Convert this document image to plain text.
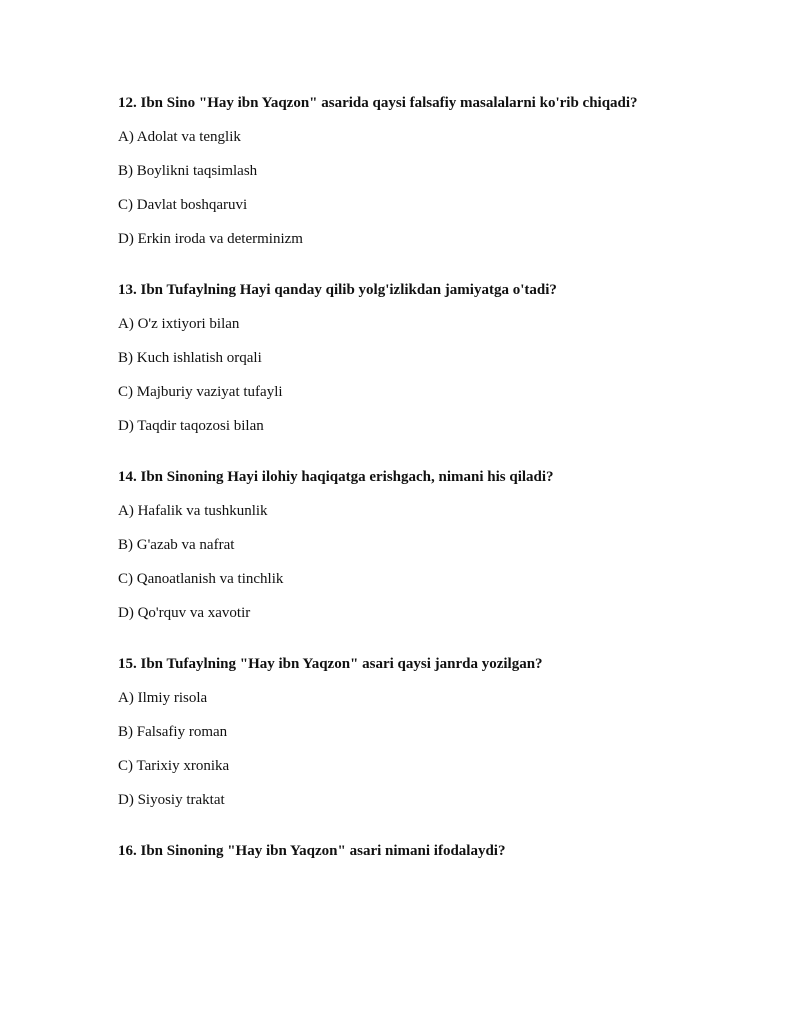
12. Ibn Sino "Hay ibn Yaqzon" asarida qaysi falsafiy masalalarni ko'rib chiqadi?

A) Adolat va tenglik

B) Boylikni taqsimlash

C) Davlat boshqaruvi

D) Erkin iroda va determinizm

13. Ibn Tufaylning Hayi qanday qilib yolg'izlikdan jamiyatga o'tadi?

A) O'z ixtiyori bilan

B) Kuch ishlatish orqali

C) Majburiy vaziyat tufayli

D) Taqdir taqozosi bilan

14. Ibn Sinoning Hayi ilohiy haqiqatga erishgach, nimani his qiladi?

A) Hafalik va tushkunlik

B) G'azab va nafrat

C) Qanoatlanish va tinchlik

D) Qo'rquv va xavotir

15. Ibn Tufaylning "Hay ibn Yaqzon" asari qaysi janrda yozilgan?

A) Ilmiy risola

B) Falsafiy roman

C) Tarixiy xronika

D) Siyosiy traktat

16. Ibn Sinoning "Hay ibn Yaqzon" asari nimani ifodalaydi?
